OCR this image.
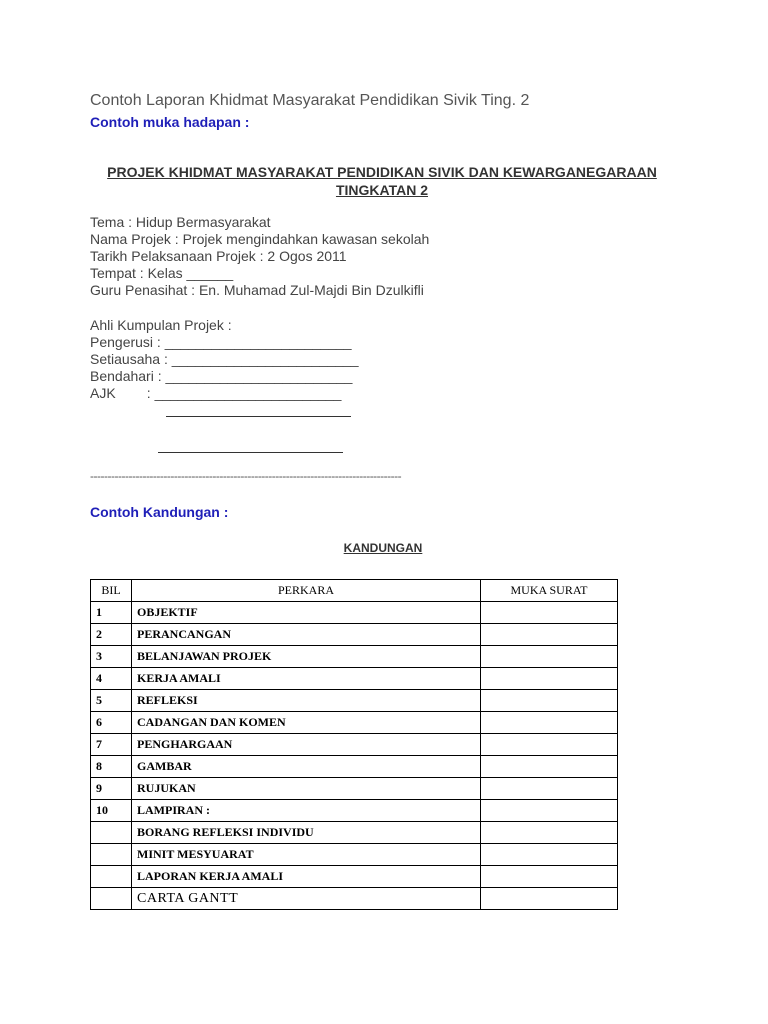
Contoh Laporan Khidmat Masyarakat Pendidikan Sivik Ting. 2
Contoh muka hadapan :
PROJEK KHIDMAT MASYARAKAT PENDIDIKAN SIVIK DAN KEWARGANEGARAAN
TINGKATAN 2
Tema : Hidup Bermasyarakat
Nama Projek : Projek mengindahkan kawasan sekolah
Tarikh Pelaksanaan Projek : 2 Ogos 2011
Tempat : Kelas ______
Guru Penasihat : En. Muhamad Zul-Majdi Bin Dzulkifli
Ahli Kumpulan Projek :
Pengerusi : ________________________
Setiausaha : ________________________
Bendahari : ________________________
AJK        : ________________________
-----------------------------------------------------------------------------------------
Contoh Kandungan :
KANDUNGAN
BIL	PERKARA	MUKA SURAT
1	OBJEKTIF	
2	PERANCANGAN	
3	BELANJAWAN PROJEK	
4	KERJA AMALI	
5	REFLEKSI	
6	CADANGAN DAN KOMEN	
7	PENGHARGAAN	
8	GAMBAR	
9	RUJUKAN	
10	LAMPIRAN :	
	BORANG REFLEKSI INDIVIDU	
	MINIT MESYUARAT	
	LAPORAN KERJA AMALI	
	CARTA GANTT	
